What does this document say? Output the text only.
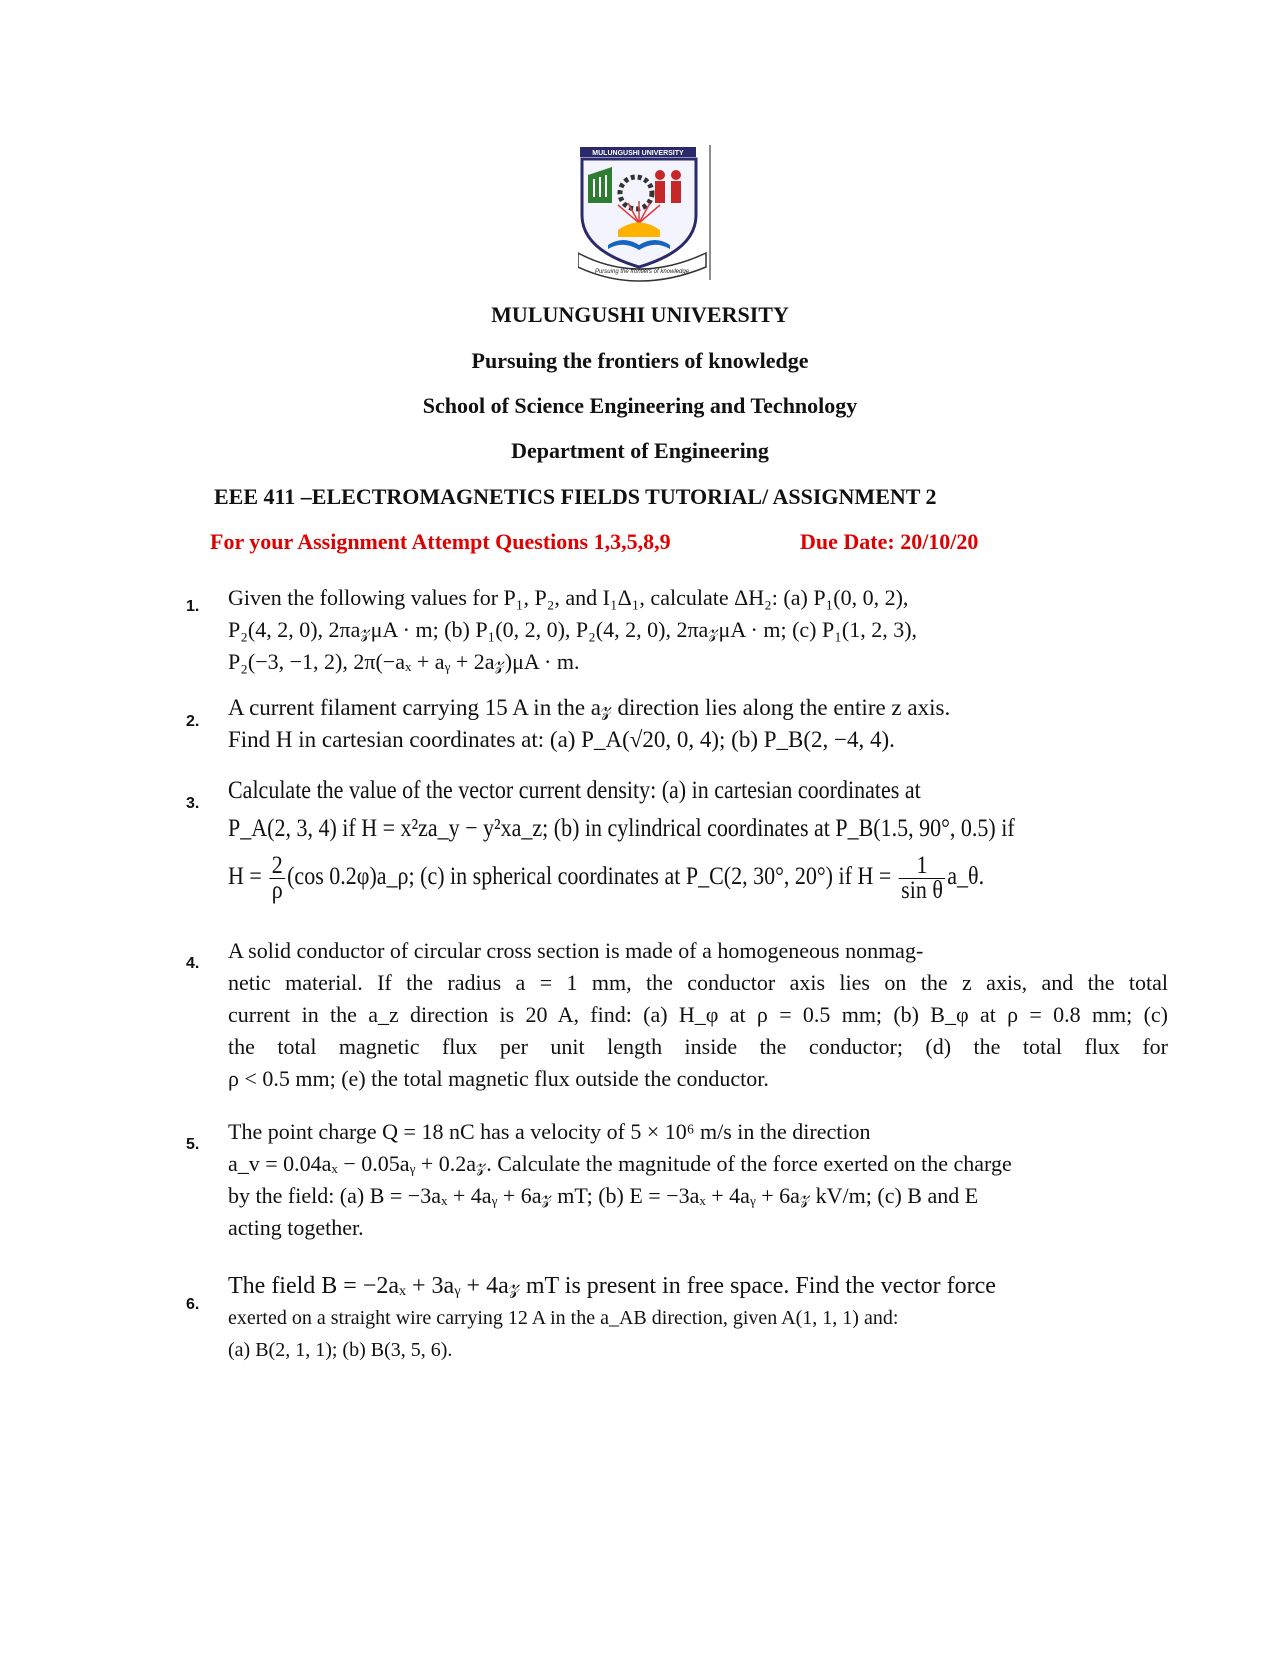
MULUNGUSHI UNIVERSITY
Pursuing the frontiers of knowledge
MULUNGUSHI UNIVERSITY
Pursuing the frontiers of knowledge
School of Science Engineering and Technology
Department of Engineering
EEE 411 –ELECTROMAGNETICS FIELDS TUTORIAL/ ASSIGNMENT 2
For your Assignment Attempt Questions 1,3,5,8,9	Due Date: 20/10/20
1. Given the following values for P₁, P₂, and I₁Δ₁, calculate ΔH₂: (a) P₁(0, 0, 2),
P₂(4, 2, 0), 2πa𝓏μA · m; (b) P₁(0, 2, 0), P₂(4, 2, 0), 2πa𝓏μA · m; (c) P₁(1, 2, 3),
P₂(−3, −1, 2), 2π(−aₓ + aᵧ + 2a𝓏)μA · m.
2.
A current filament carrying 15 A in the a𝓏 direction lies along the entire z axis.
Find H in cartesian coordinates at: (a) P_A(√20, 0, 4); (b) P_B(2, −4, 4).
3. Calculate the value of the vector current density: (a) in cartesian coordinates at
P_A(2, 3, 4) if H = x²za_y − y²xa_z; (b) in cylindrical coordinates at P_B(1.5, 90°, 0.5) if
$H = \frac{2}{\rho} (\cos$ 0.2φ)a_ρ; (c) in spherical coordinates at P_C(2, 30°, 20°) if $H = \frac{1}{\text{sin θ}}$ a_θ.
4.
A solid conductor of circular cross section is made of a homogeneous nonmag-
netic material. If the radius a = 1 mm, the conductor axis lies on the z axis, and the total
current in the a_z direction is 20 A, find: (a) H_φ at ρ = 0.5 mm; (b) B_φ at ρ = 0.8 mm; (c)
the total magnetic flux per unit length inside the conductor; (d) the total flux for
ρ < 0.5 mm; (e) the total magnetic flux outside the conductor.
5.
The point charge Q = 18 nC has a velocity of 5 × 10⁶ m/s in the direction
a_v = 0.04aₓ − 0.05aᵧ + 0.2a𝓏. Calculate the magnitude of the force exerted on the charge
by the field: (a) B = −3aₓ + 4aᵧ + 6a𝓏 mT; (b) E = −3aₓ + 4aᵧ + 6a𝓏 kV/m; (c) B and E
acting together.
6.
The field B = −2aₓ + 3aᵧ + 4a𝓏 mT is present in free space. Find the vector force
exerted on a straight wire carrying 12 A in the a_AB direction, given A(1, 1, 1) and:
(a) B(2, 1, 1); (b) B(3, 5, 6).
